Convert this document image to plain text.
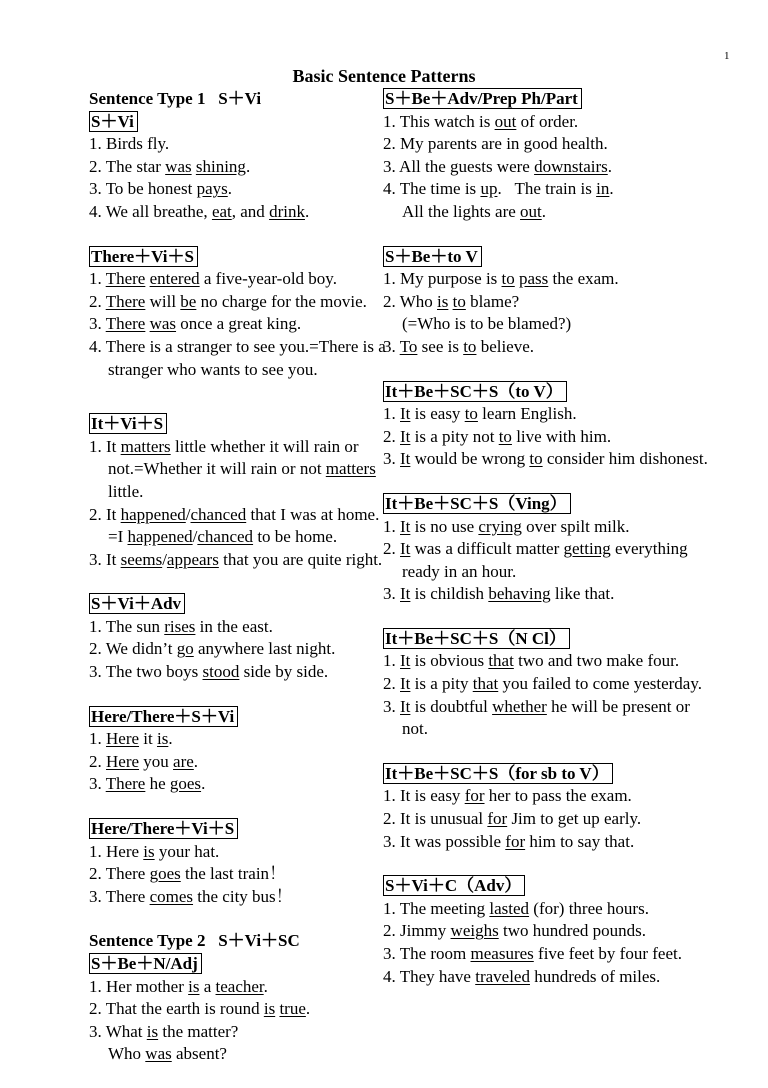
1
Basic Sentence Patterns
Sentence Type 1   S＋Vi
S＋Vi
1. Birds fly.
2. The star was shining.
3. To be honest pays.
4. We all breathe, eat, and drink.
There＋Vi＋S
1. There entered a five-year-old boy.
2. There will be no charge for the movie.
3. There was once a great king.
4. There is a stranger to see you.=There is a stranger who wants to see you.
It＋Vi＋S
1. It matters little whether it will rain or not.=Whether it will rain or not matters little.
2. It happened/chanced that I was at home.
=I happened/chanced to be home.
3. It seems/appears that you are quite right.
S＋Vi＋Adv
1. The sun rises in the east.
2. We didn’t go anywhere last night.
3. The two boys stood side by side.
Here/There＋S＋Vi
1. Here it is.
2. Here you are.
3. There he goes.
Here/There＋Vi＋S
1. Here is your hat.
2. There goes the last train！
3. There comes the city bus！
Sentence Type 2   S＋Vi＋SC
S＋Be＋N/Adj
1. Her mother is a teacher.
2. That the earth is round is true.
3. What is the matter?
Who was absent?
S＋Be＋Adv/Prep Ph/Part
1. This watch is out of order.
2. My parents are in good health.
3. All the guests were downstairs.
4. The time is up.   The train is in.
All the lights are out.
S＋Be＋to V
1. My purpose is to pass the exam.
2. Who is to blame?
(=Who is to be blamed?)
3. To see is to believe.
It＋Be＋SC＋S（to V）
1. It is easy to learn English.
2. It is a pity not to live with him.
3. It would be wrong to consider him dishonest.
It＋Be＋SC＋S（Ving）
1. It is no use crying over spilt milk.
2. It was a difficult matter getting everything ready in an hour.
3. It is childish behaving like that.
It＋Be＋SC＋S（N Cl）
1. It is obvious that two and two make four.
2. It is a pity that you failed to come yesterday.
3. It is doubtful whether he will be present or not.
It＋Be＋SC＋S（for sb to V）
1. It is easy for her to pass the exam.
2. It is unusual for Jim to get up early.
3. It was possible for him to say that.
S＋Vi＋C（Adv）
1. The meeting lasted (for) three hours.
2. Jimmy weighs two hundred pounds.
3. The room measures five feet by four feet.
4. They have traveled hundreds of miles.
